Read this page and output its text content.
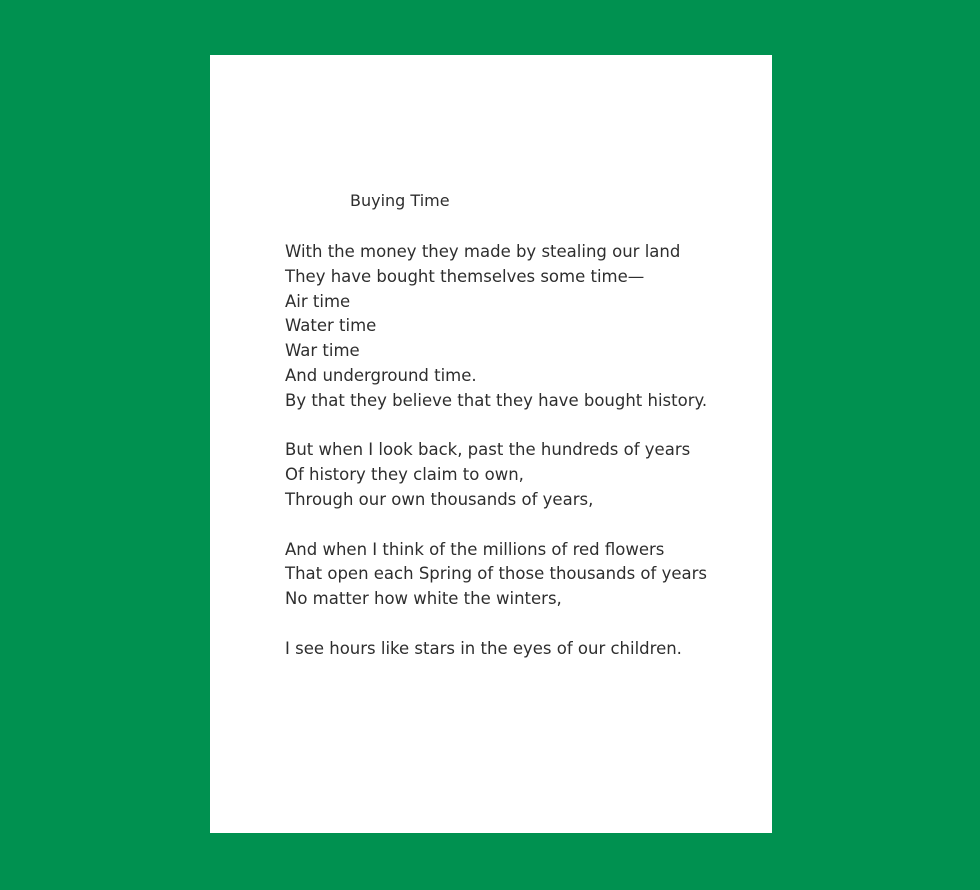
Buying Time
With the money they made by stealing our land
They have bought themselves some time—
Air time
Water time
War time
And underground time.
By that they believe that they have bought history.
But when I look back, past the hundreds of years
Of history they claim to own,
Through our own thousands of years,
And when I think of the millions of red flowers
That open each Spring of those thousands of years
No matter how white the winters,
I see hours like stars in the eyes of our children.
